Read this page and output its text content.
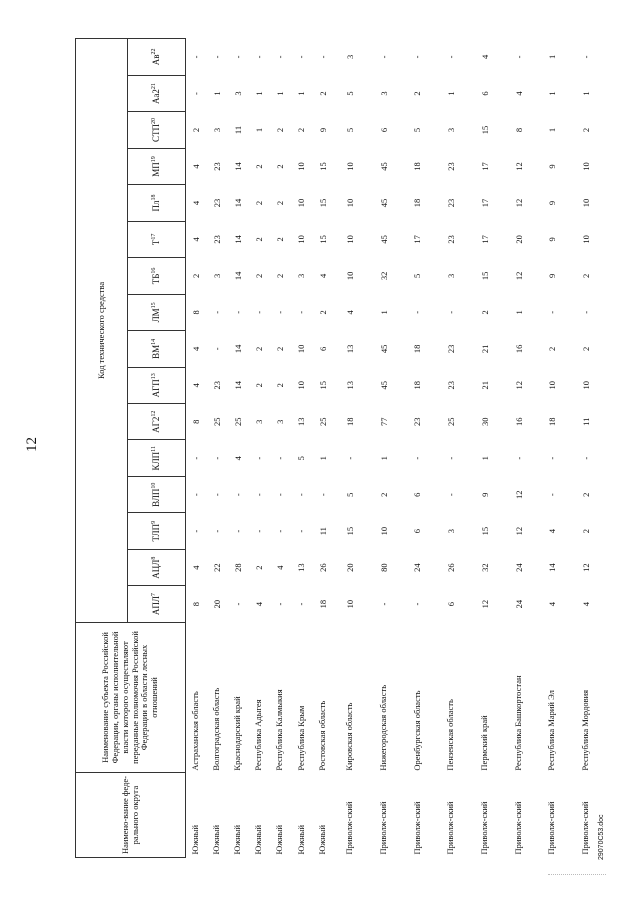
12
Наимено-вание феде-рального округа	Наименование субъекта Российской Федерации, органы исполнительной власти которого осуществляют переданные полномочия Российской Федерации в области лесных отношений	Код технического средства															
		АПЛ$^7$	АЦЛ$^8$	ТЛП$^9$	ВЛП$^{10}$	КЛП$^{11}$	$АГ2^{12}$	АГП$^{13}$	ВМ$^{14}$	ЛМ$^{15}$	ТБ$^{16}$	$Т^{17}$	$Пл^{18}$	МП$^{19}$	СТП$^{20}$	$Аа2^{21}$	$Ав^{22}$
Южный	Астраханская область	8	4	-	-	-	8	4	4	8	2	4	4	4	2	-	-
Южный	Волгоградская область	20	22	-	-	-	25	23	-	-	3	23	23	23	3	1	-
Южный	Краснодарский край	-	28	-	-	4	25	14	14	-	14	14	14	14	11	3	-
Южный	Республика Адыгея	4	2	-	-	-	3	2	2	-	2	2	2	2	1	1	-
Южный	Республика Калмыкия	-	4	-	-	-	3	2	2	-	2	2	2	2	2	1	-
Южный	Республика Крым	-	13	-	-	5	13	10	10	-	3	10	10	10	2	1	-
Южный	Ростовская область	18	26	11	-	1	25	15	6	2	4	15	15	15	9	2	-
Приволж-ский	Кировская область	10	20	15	5	-	18	13	13	4	10	10	10	10	5	5	3
Приволж-ский	Нижегородская область	-	80	10	2	1	77	45	45	1	32	45	45	45	6	3	-
Приволж-ский	Оренбургская область	-	24	6	6	-	23	18	18	-	5	17	18	18	5	2	-
Приволж-ский	Пензенская область	6	26	3	-	-	25	23	23	-	3	23	23	23	3	1	-
Приволж-ский	Пермский край	12	32	15	9	1	30	21	21	2	15	17	17	17	15	6	4
Приволж-ский	Республика Башкортостан	24	24	12	12	-	16	12	16	1	12	20	12	12	8	4	-
Приволж-ский	Республика Марий Эл	4	14	4	-	-	18	10	2	-	9	9	9	9	1	1	1
Приволж-ский	Республика Мордовия	4	12	2	2	-	11	10	2	-	2	10	10	10	2	1	-
29070C53.doc
